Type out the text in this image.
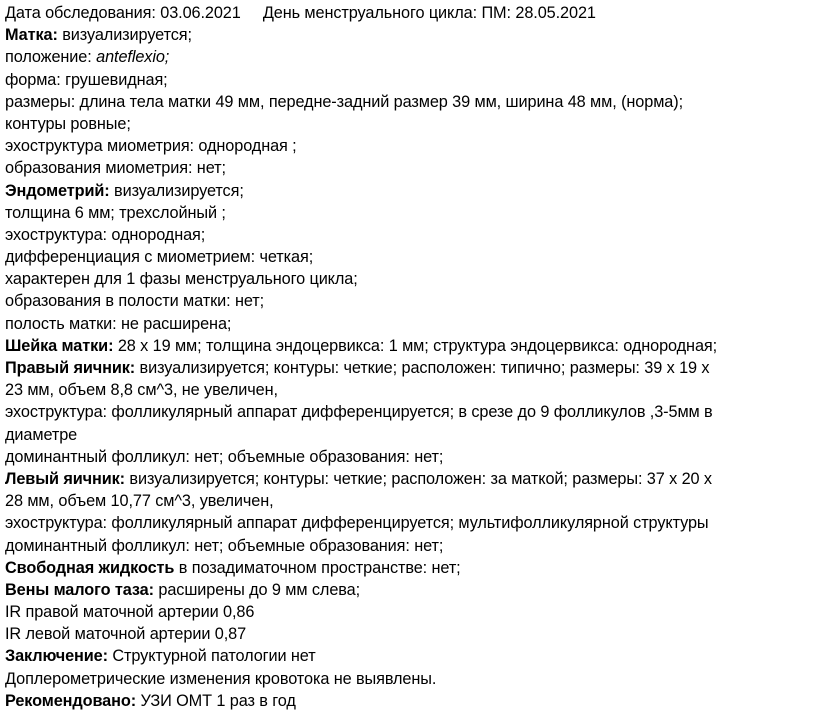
Дата обследования: 03.06.2021     День менструального цикла: ПМ: 28.05.2021
Матка: визуализируется;
положение: anteflexio;
форма: грушевидная;
размеры: длина тела матки 49 мм, передне-задний размер 39 мм, ширина 48 мм, (норма);
контуры ровные;
эхоструктура миометрия: однородная ;
образования миометрия: нет;
Эндометрий: визуализируется;
толщина 6 мм; трехслойный ;
эхоструктура: однородная;
дифференциация с миометрием: четкая;
характерен для 1 фазы менструального цикла;
образования в полости матки: нет;
полость матки: не расширена;
Шейка матки: 28 x 19 мм; толщина эндоцервикса: 1 мм; структура эндоцервикса: однородная;
Правый яичник: визуализируется; контуры: четкие; расположен: типично; размеры: 39 x 19 x
23 мм, объем 8,8 см^3, не увеличен,
эхоструктура: фолликулярный аппарат дифференцируется; в срезе до 9 фолликулов ,3-5мм в
диаметре
доминантный фолликул: нет; объемные образования: нет;
Левый яичник: визуализируется; контуры: четкие; расположен: за маткой; размеры: 37 x 20 x
28 мм, объем 10,77 см^3, увеличен,
эхоструктура: фолликулярный аппарат дифференцируется; мультифолликулярной структуры
доминантный фолликул: нет; объемные образования: нет;
Свободная жидкость в позадиматочном пространстве: нет;
Вены малого таза: расширены до 9 мм слева;
IR правой маточной артерии 0,86
IR левой маточной артерии 0,87
Заключение: Структурной патологии нет
Доплерометрические изменения кровотока не выявлены.
Рекомендовано: УЗИ ОМТ 1 раз в год
